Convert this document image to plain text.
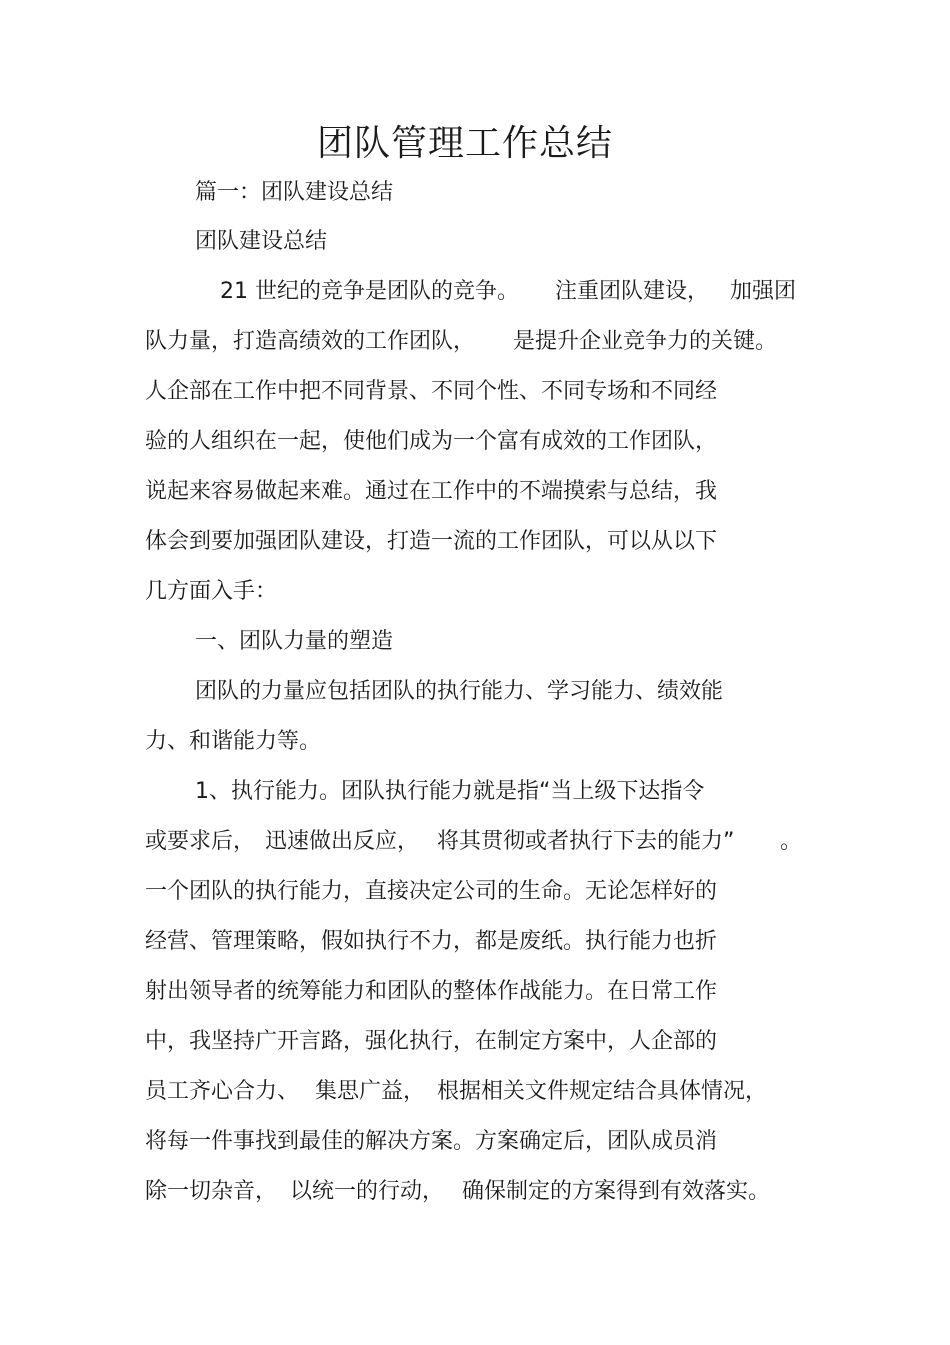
团队管理工作总结
篇一：团队建设总结
团队建设总结
21 世纪的竞争是团队的竞争。 注重团队建设， 加强团
队力量，打造高绩效的工作团队， 是提升企业竞争力的关键。
人企部在工作中把不同背景、不同个性、不同专场和不同经
验的人组织在一起，使他们成为一个富有成效的工作团队，
说起来容易做起来难。通过在工作中的不端摸索与总结，我
体会到要加强团队建设，打造一流的工作团队，可以从以下
几方面入手：
一、团队力量的塑造
团队的力量应包括团队的执行能力、学习能力、绩效能
力、和谐能力等。
1、执行能力。团队执行能力就是指“当上级下达指令
或要求后， 迅速做出反应， 将其贯彻或者执行下去的能力” 。
一个团队的执行能力，直接决定公司的生命。无论怎样好的
经营、管理策略，假如执行不力，都是废纸。执行能力也折
射出领导者的统筹能力和团队的整体作战能力。在日常工作
中，我坚持广开言路，强化执行，在制定方案中，人企部的
员工齐心合力、 集思广益， 根据相关文件规定结合具体情况，
将每一件事找到最佳的解决方案。方案确定后，团队成员消
除一切杂音， 以统一的行动， 确保制定的方案得到有效落实。
